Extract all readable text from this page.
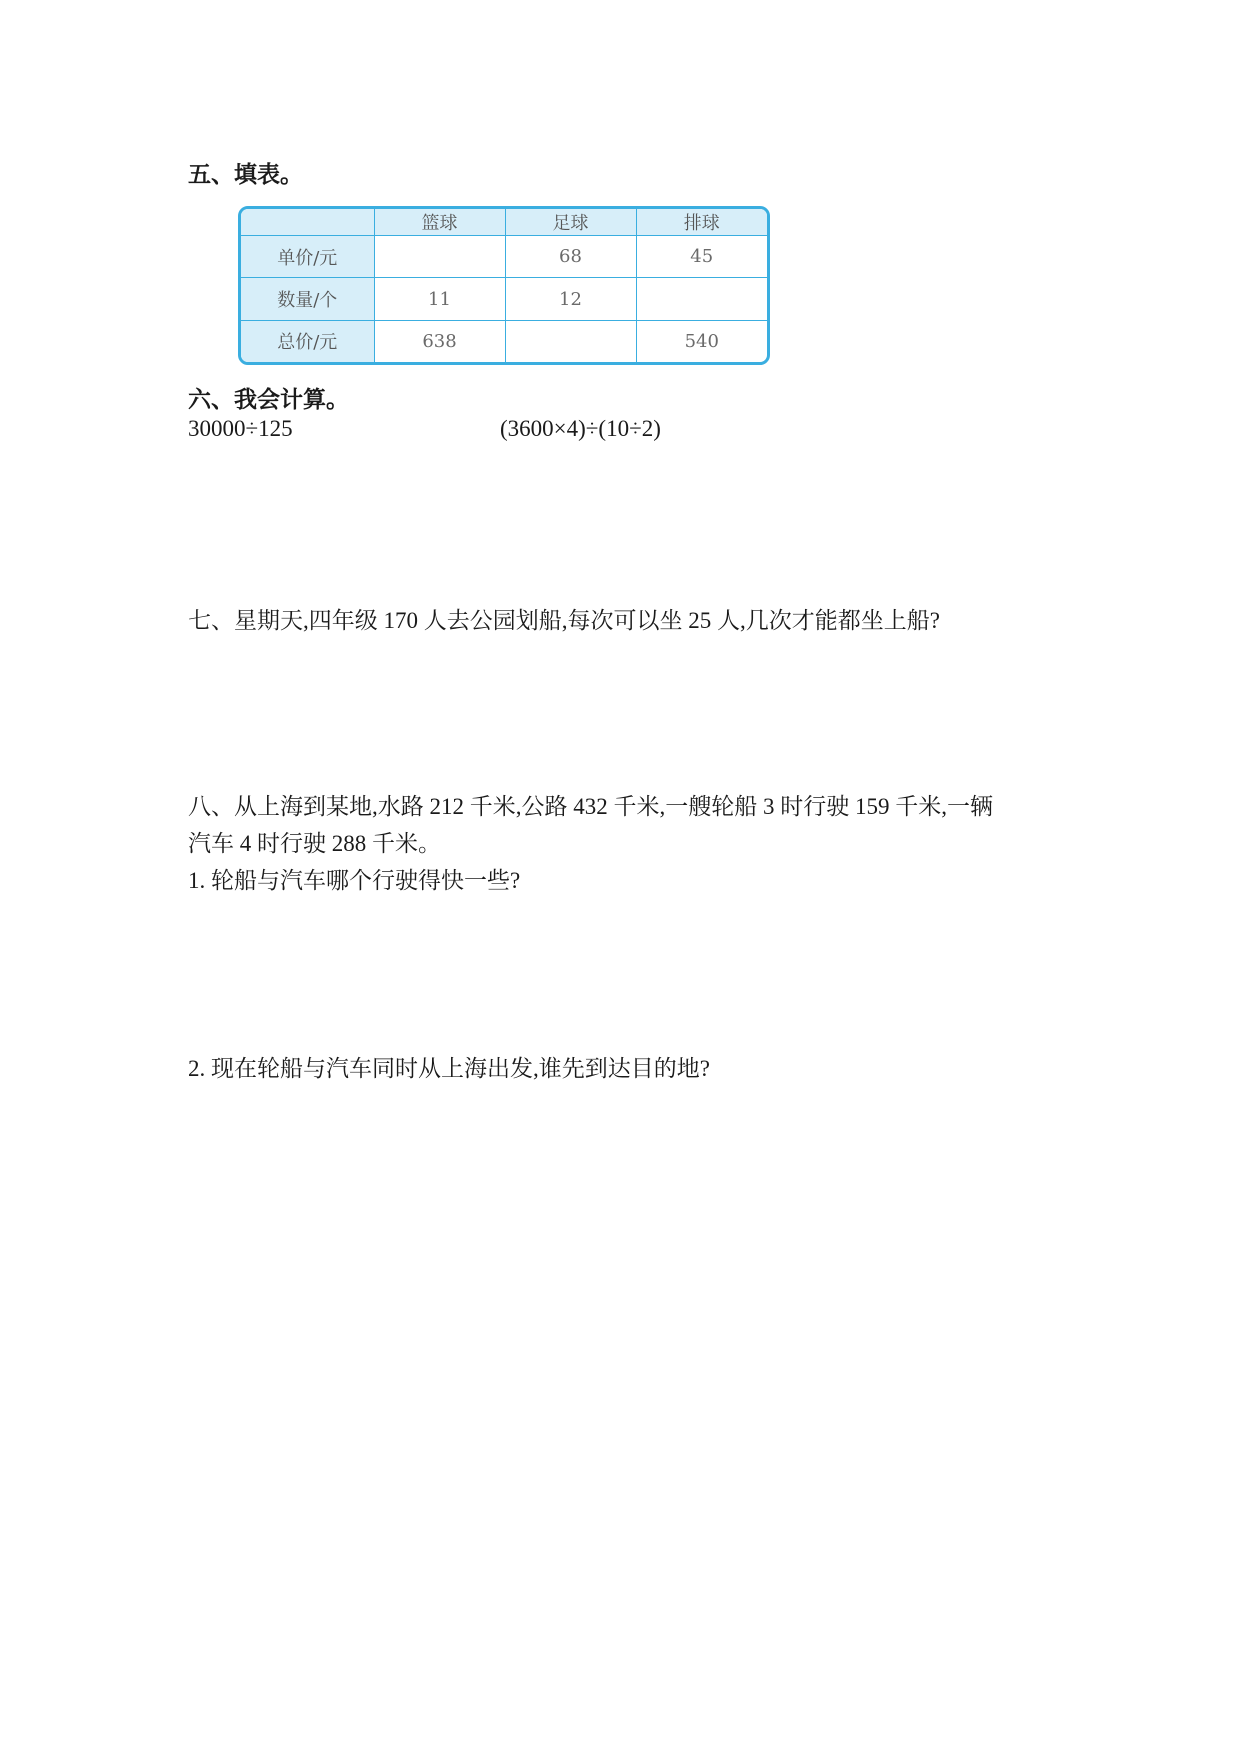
五、填表。
	篮球	足球	排球
单价/元		68	45
数量/个	11	12	
总价/元	638		540
六、我会计算。
30000÷125	(3600×4)÷(10÷2)
七、星期天,四年级 170 人去公园划船,每次可以坐 25 人,几次才能都坐上船?
八、从上海到某地,水路 212 千米,公路 432 千米,一艘轮船 3 时行驶 159 千米,一辆
汽车 4 时行驶 288 千米。
1. 轮船与汽车哪个行驶得快一些?
2. 现在轮船与汽车同时从上海出发,谁先到达目的地?
